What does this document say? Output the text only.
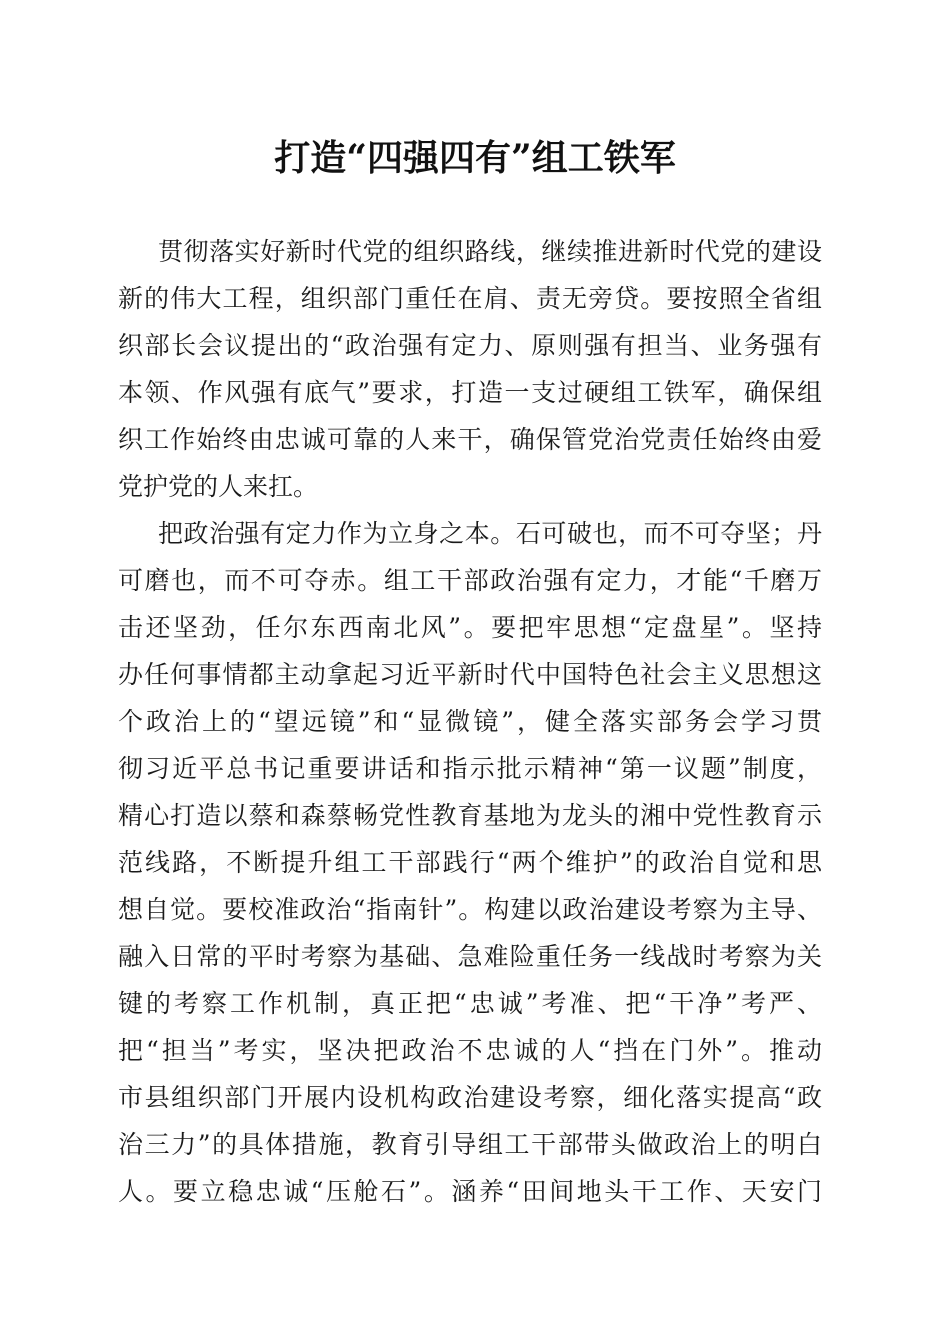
打造“四强四有”组工铁军

贯彻落实好新时代党的组织路线，继续推进新时代党的建设

新的伟大工程，组织部门重任在肩、责无旁贷。要按照全省组

织部长会议提出的“政治强有定力、原则强有担当、业务强有

本领、作风强有底气”要求，打造一支过硬组工铁军，确保组

织工作始终由忠诚可靠的人来干，确保管党治党责任始终由爱

党护党的人来扛。

把政治强有定力作为立身之本。石可破也，而不可夺坚；丹

可磨也，而不可夺赤。组工干部政治强有定力，才能“千磨万

击还坚劲，任尔东西南北风”。要把牢思想“定盘星”。坚持

办任何事情都主动拿起习近平新时代中国特色社会主义思想这

个政治上的“望远镜”和“显微镜”，健全落实部务会学习贯

彻习近平总书记重要讲话和指示批示精神“第一议题”制度，

精心打造以蔡和森蔡畅党性教育基地为龙头的湘中党性教育示

范线路，不断提升组工干部践行“两个维护”的政治自觉和思

想自觉。要校准政治“指南针”。构建以政治建设考察为主导、

融入日常的平时考察为基础、急难险重任务一线战时考察为关

键的考察工作机制，真正把“忠诚”考准、把“干净”考严、

把“担当”考实，坚决把政治不忠诚的人“挡在门外”。推动

市县组织部门开展内设机构政治建设考察，细化落实提高“政

治三力”的具体措施，教育引导组工干部带头做政治上的明白

人。要立稳忠诚“压舱石”。涵养“田间地头干工作、天安门
